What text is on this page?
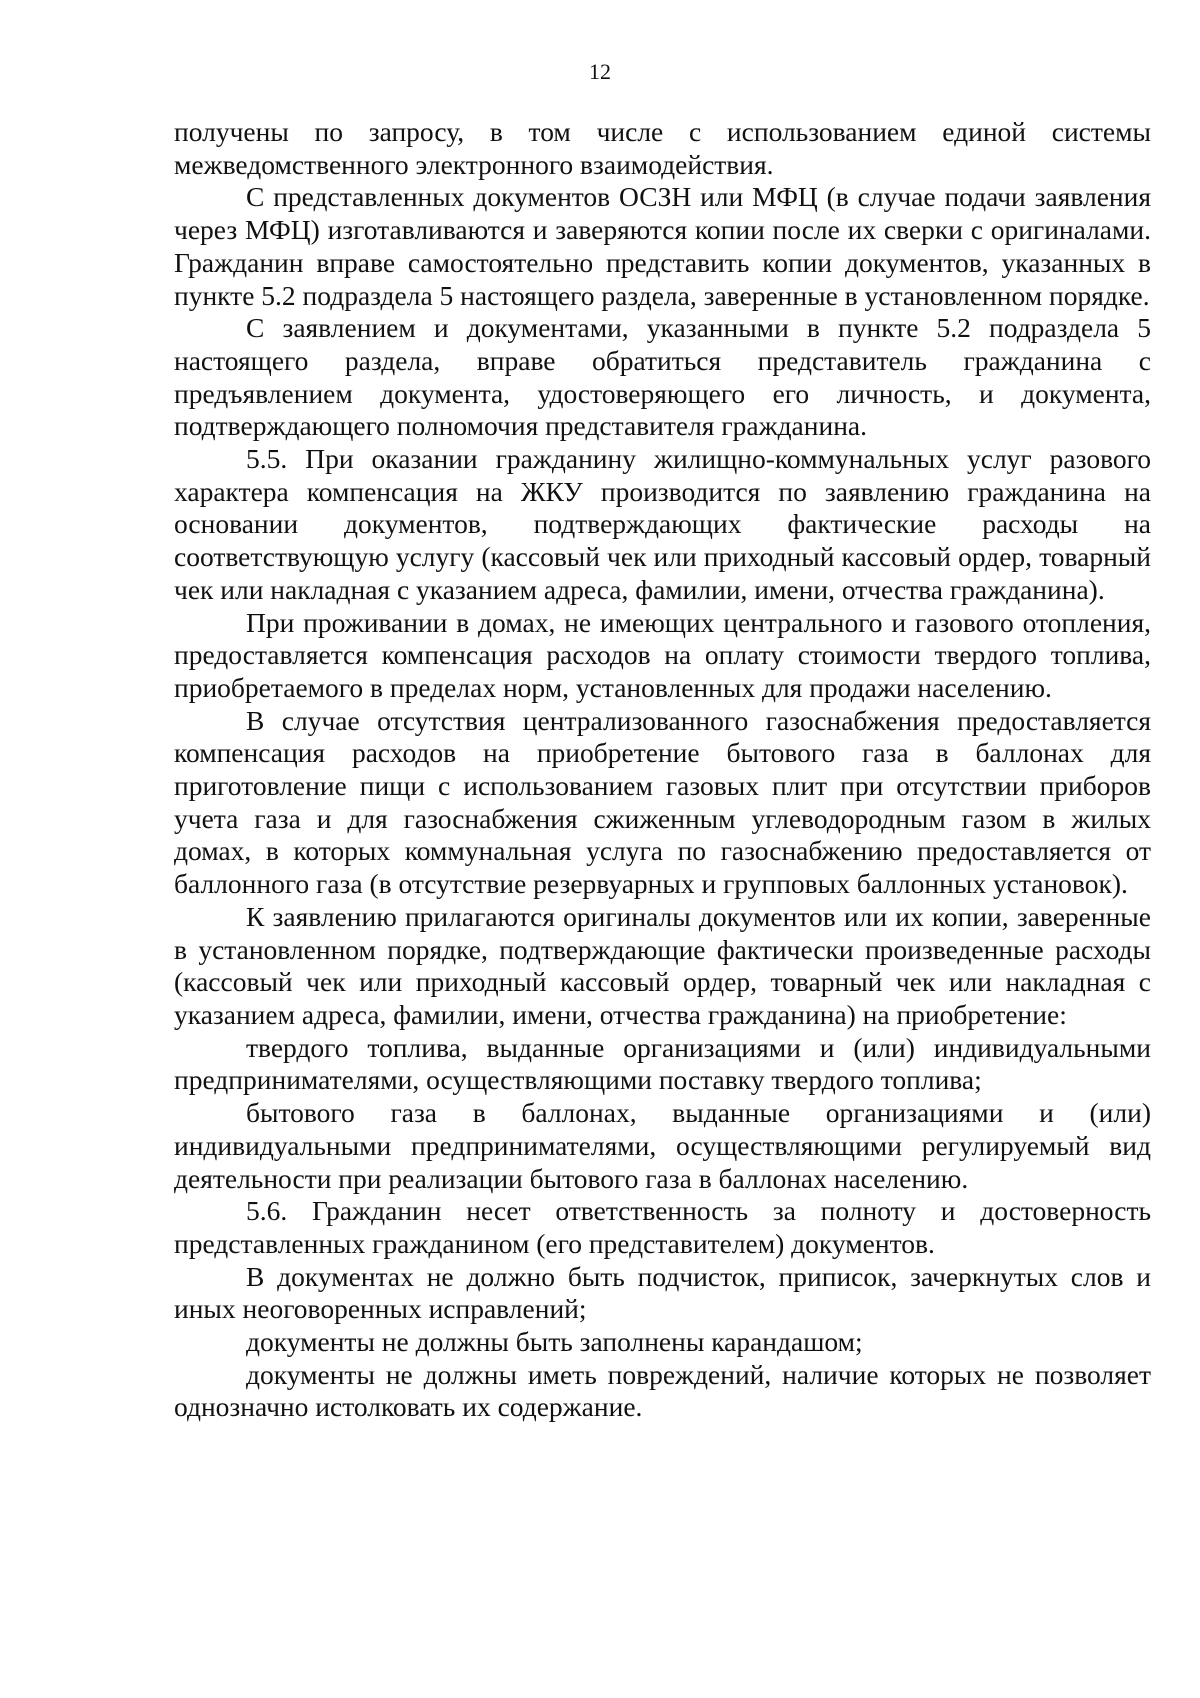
12

получены по запросу, в том числе с использованием единой системы межведомственного электронного взаимодействия.

С представленных документов ОСЗН или МФЦ (в случае подачи заявления через МФЦ) изготавливаются и заверяются копии после их сверки с оригиналами. Гражданин вправе самостоятельно представить копии документов, указанных в пункте 5.2 подраздела 5 настоящего раздела, заверенные в установленном порядке.

С заявлением и документами, указанными в пункте 5.2 подраздела 5 настоящего раздела, вправе обратиться представитель гражданина с предъявлением документа, удостоверяющего его личность, и документа, подтверждающего полномочия представителя гражданина.

5.5. При оказании гражданину жилищно-коммунальных услуг разового характера компенсация на ЖКУ производится по заявлению гражданина на основании документов, подтверждающих фактические расходы на соответствующую услугу (кассовый чек или приходный кассовый ордер, товарный чек или накладная с указанием адреса, фамилии, имени, отчества гражданина).

При проживании в домах, не имеющих центрального и газового отопления, предоставляется компенсация расходов на оплату стоимости твердого топлива, приобретаемого в пределах норм, установленных для продажи населению.

В случае отсутствия централизованного газоснабжения предоставляется компенсация расходов на приобретение бытового газа в баллонах для приготовление пищи с использованием газовых плит при отсутствии приборов учета газа и для газоснабжения сжиженным углеводородным газом в жилых домах, в которых коммунальная услуга по газоснабжению предоставляется от баллонного газа (в отсутствие резервуарных и групповых баллонных установок).

К заявлению прилагаются оригиналы документов или их копии, заверенные в установленном порядке, подтверждающие фактически произведенные расходы (кассовый чек или приходный кассовый ордер, товарный чек или накладная с указанием адреса, фамилии, имени, отчества гражданина) на приобретение:

твердого топлива, выданные организациями и (или) индивидуальными предпринимателями, осуществляющими поставку твердого топлива;

бытового газа в баллонах, выданные организациями и (или) индивидуальными предпринимателями, осуществляющими регулируемый вид деятельности при реализации бытового газа в баллонах населению.

5.6. Гражданин несет ответственность за полноту и достоверность представленных гражданином (его представителем) документов.

В документах не должно быть подчисток, приписок, зачеркнутых слов и иных неоговоренных исправлений;

документы не должны быть заполнены карандашом;

документы не должны иметь повреждений, наличие которых не позволяет однозначно истолковать их содержание.
